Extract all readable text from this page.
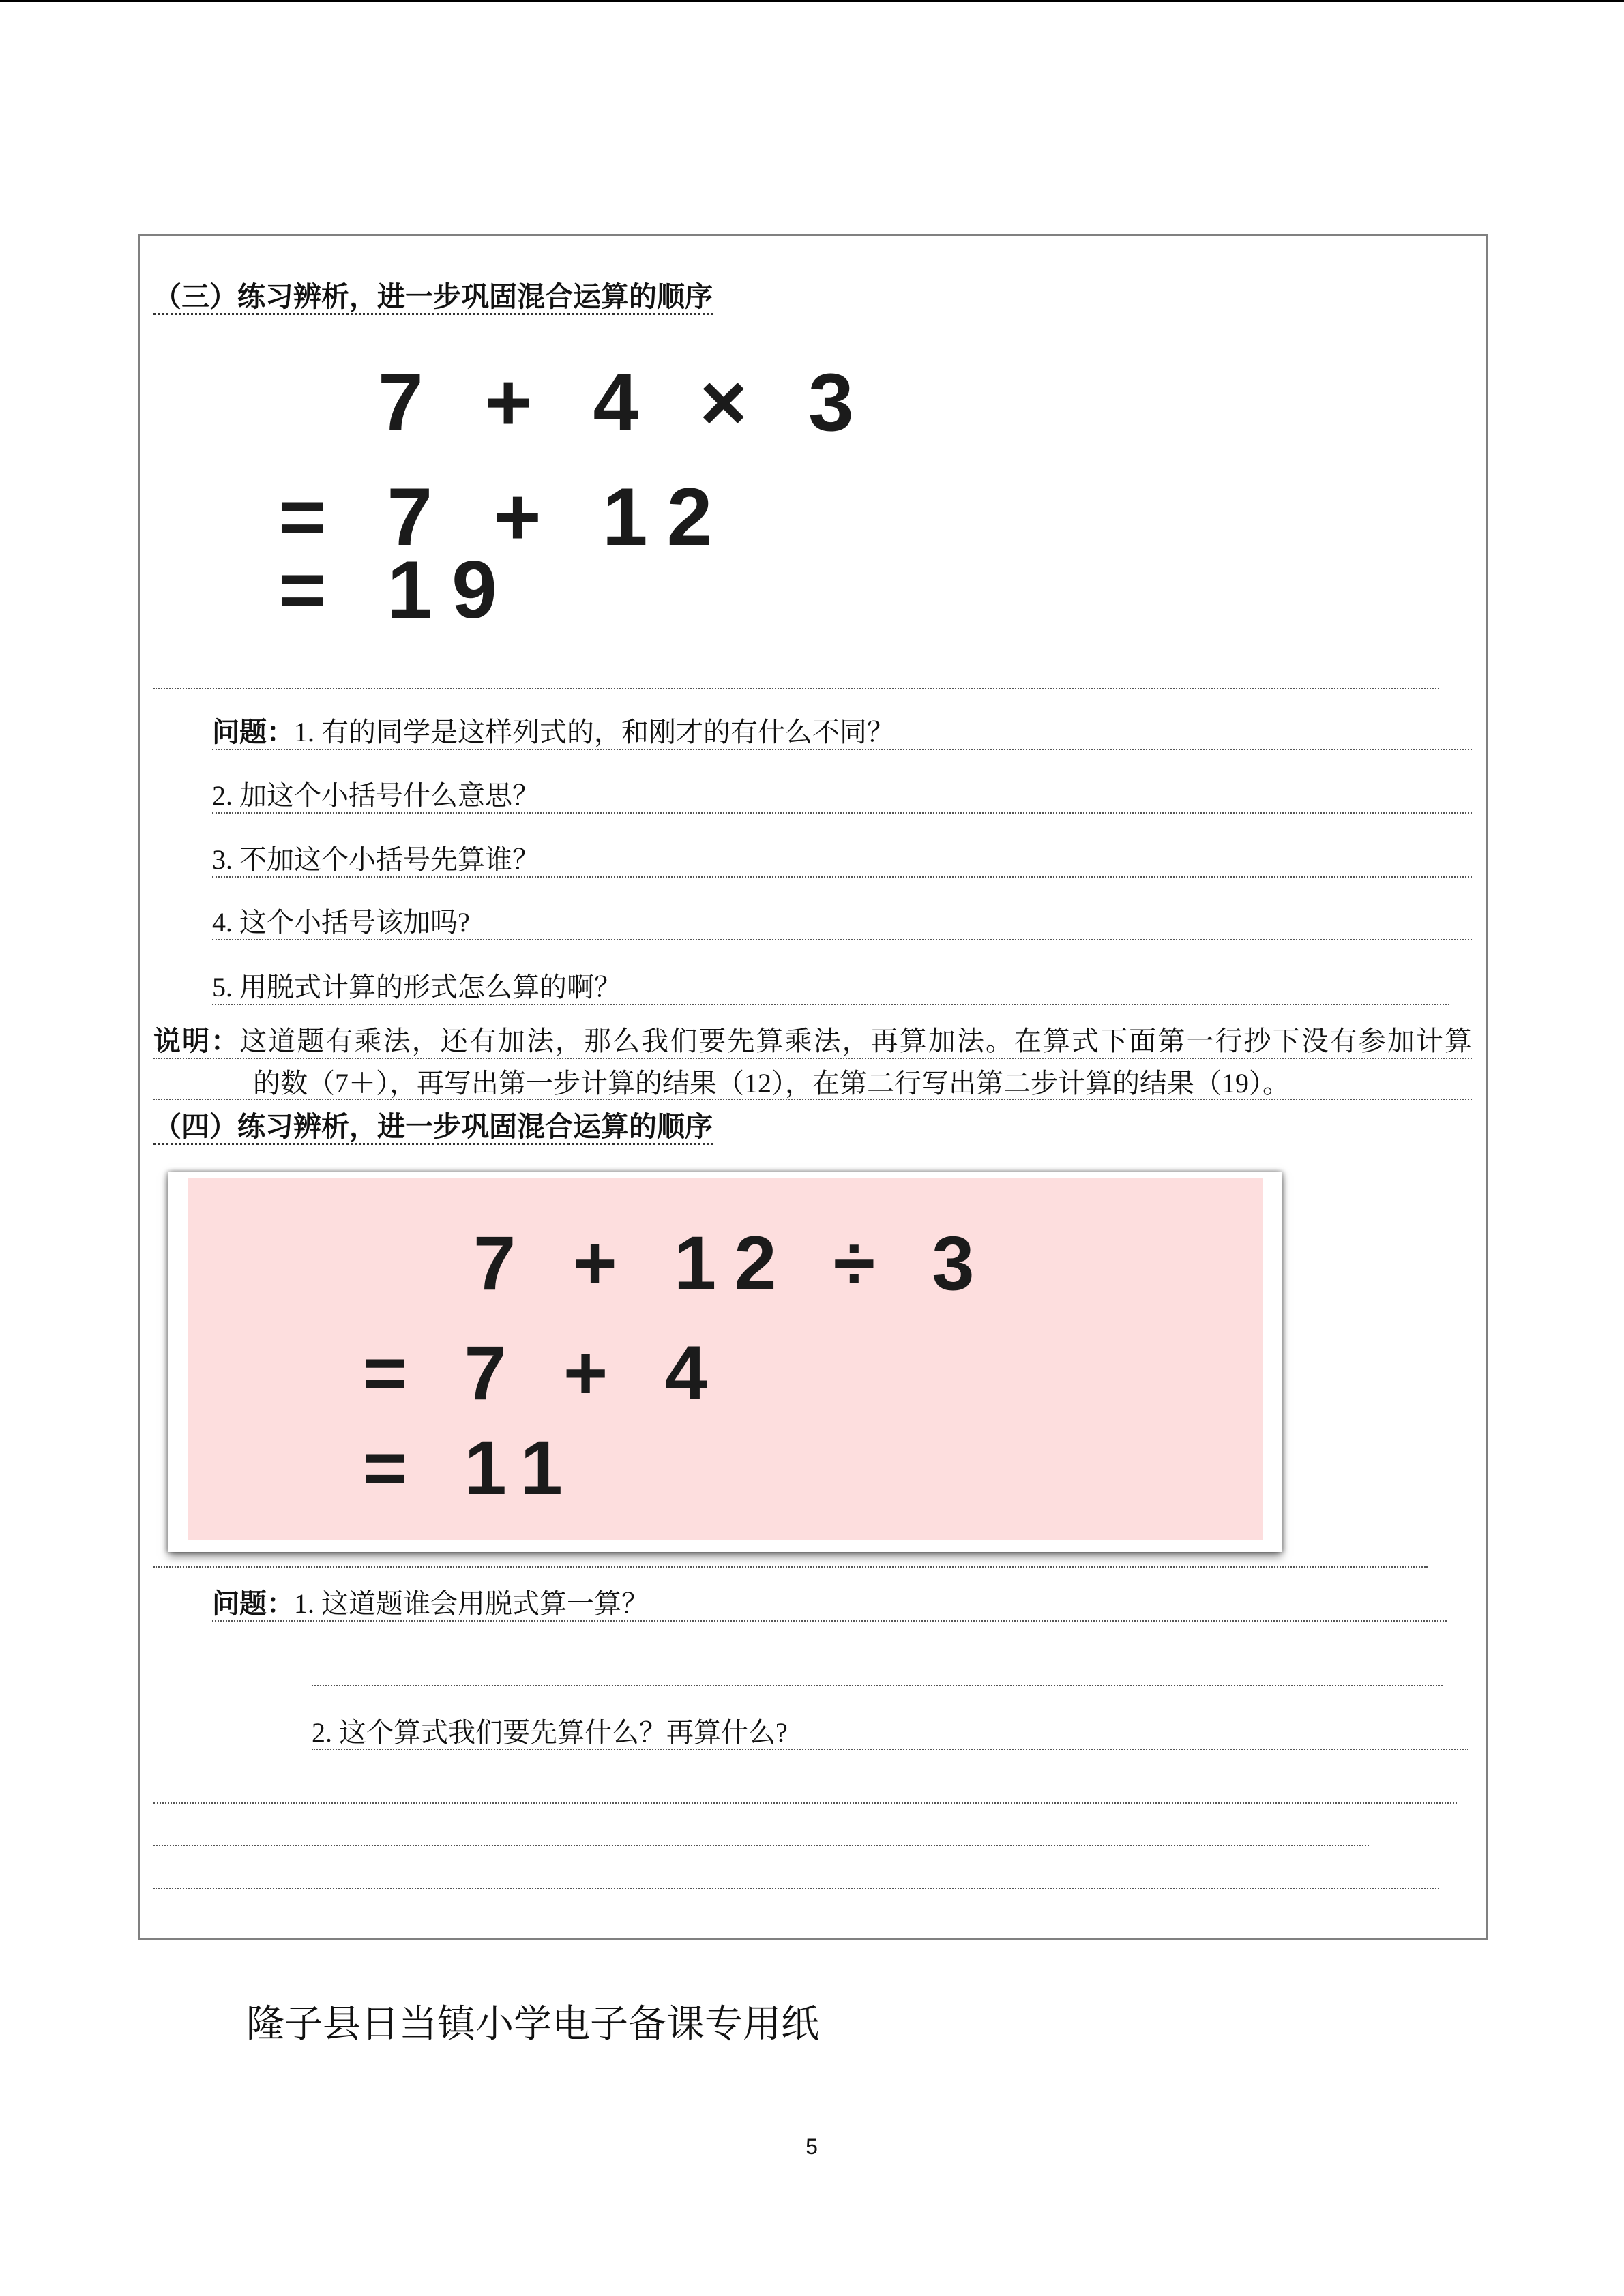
（三）练习辨析，进一步巩固混合运算的顺序
7 + 4 × 3
= 7 + 12
= 19
问题：1. 有的同学是这样列式的，和刚才的有什么不同？
2. 加这个小括号什么意思？
3. 不加这个小括号先算谁？
4. 这个小括号该加吗?
5. 用脱式计算的形式怎么算的啊？
说明：这道题有乘法，还有加法，那么我们要先算乘法，再算加法。在算式下面第一行抄下没有参加计算
的数（7＋），再写出第一步计算的结果（12），在第二行写出第二步计算的结果（19）。
（四）练习辨析，进一步巩固混合运算的顺序
7 + 12 ÷ 3
= 7 + 4
= 11
问题：1. 这道题谁会用脱式算一算？
2. 这个算式我们要先算什么？再算什么?
隆子县日当镇小学电子备课专用纸
5
